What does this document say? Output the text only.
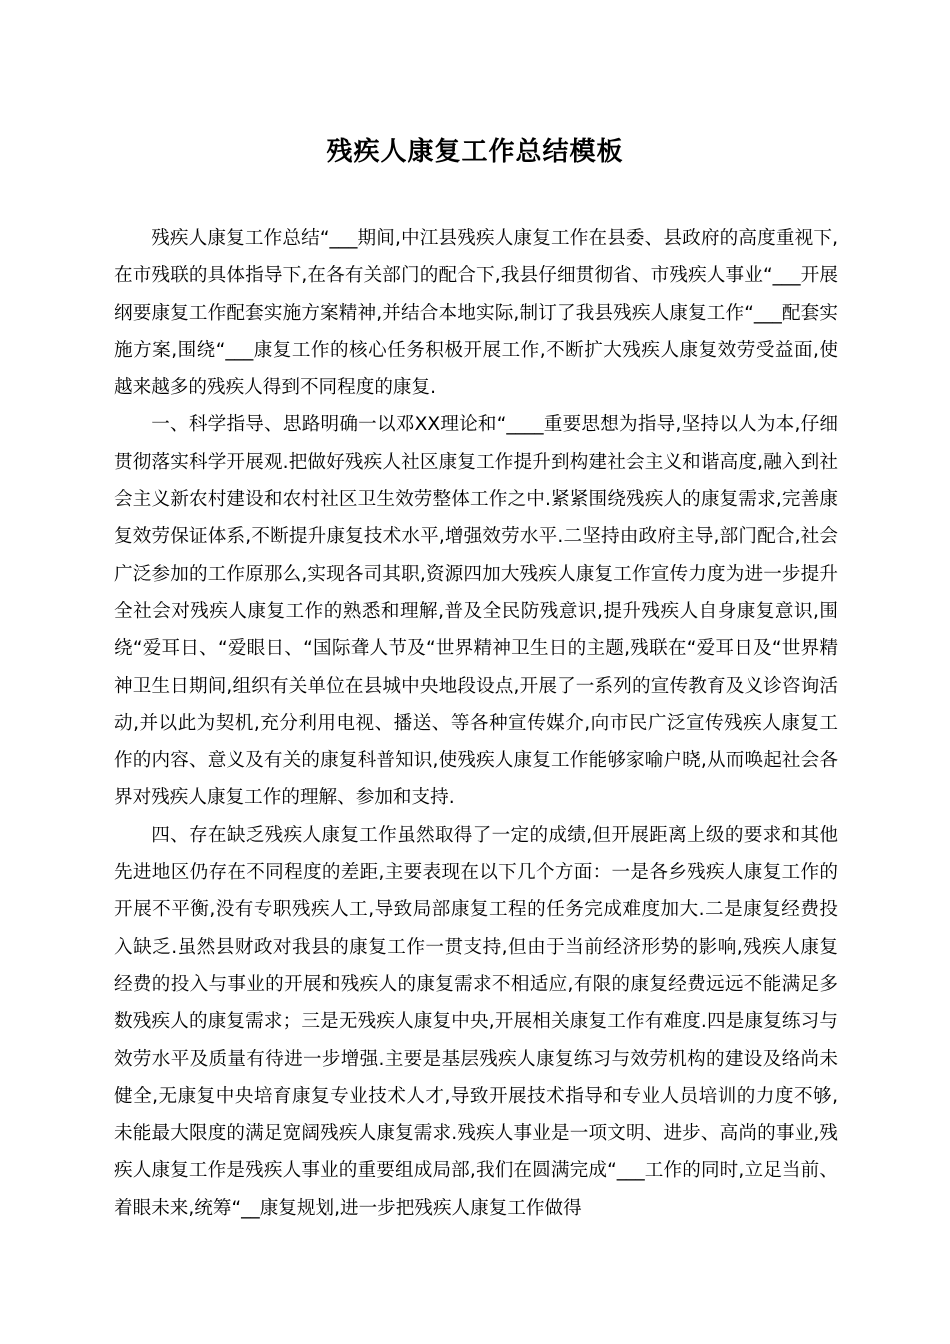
残疾人康复工作总结模板

残疾人康复工作总结“___期间,中江县残疾人康复工作在县委、县政府的高度重视下,在市残联的具体指导下,在各有关部门的配合下,我县仔细贯彻省、市残疾人事业“___开展纲要康复工作配套实施方案精神,并结合本地实际,制订了我县残疾人康复工作“___配套实施方案,围绕“___康复工作的核心任务积极开展工作,不断扩大残疾人康复效劳受益面,使越来越多的残疾人得到不同程度的康复.

一、科学指导、思路明确一以邓XX理论和“____重要思想为指导,坚持以人为本,仔细贯彻落实科学开展观.把做好残疾人社区康复工作提升到构建社会主义和谐高度,融入到社会主义新农村建设和农村社区卫生效劳整体工作之中.紧紧围绕残疾人的康复需求,完善康复效劳保证体系,不断提升康复技术水平,增强效劳水平.二坚持由政府主导,部门配合,社会广泛参加的工作原那么,实现各司其职,资源四加大残疾人康复工作宣传力度为进一步提升全社会对残疾人康复工作的熟悉和理解,普及全民防残意识,提升残疾人自身康复意识,围绕“爱耳日、“爱眼日、“国际聋人节及“世界精神卫生日的主题,残联在“爱耳日及“世界精神卫生日期间,组织有关单位在县城中央地段设点,开展了一系列的宣传教育及义诊咨询活动,并以此为契机,充分利用电视、播送、等各种宣传媒介,向市民广泛宣传残疾人康复工作的内容、意义及有关的康复科普知识,使残疾人康复工作能够家喻户晓,从而唤起社会各界对残疾人康复工作的理解、参加和支持.

四、存在缺乏残疾人康复工作虽然取得了一定的成绩,但开展距离上级的要求和其他先进地区仍存在不同程度的差距,主要表现在以下几个方面：一是各乡残疾人康复工作的开展不平衡,没有专职残疾人工,导致局部康复工程的任务完成难度加大.二是康复经费投入缺乏.虽然县财政对我县的康复工作一贯支持,但由于当前经济形势的影响,残疾人康复经费的投入与事业的开展和残疾人的康复需求不相适应,有限的康复经费远远不能满足多数残疾人的康复需求；三是无残疾人康复中央,开展相关康复工作有难度.四是康复练习与效劳水平及质量有待进一步增强.主要是基层残疾人康复练习与效劳机构的建设及络尚未健全,无康复中央培育康复专业技术人才,导致开展技术指导和专业人员培训的力度不够,未能最大限度的满足宽阔残疾人康复需求.残疾人事业是一项文明、进步、高尚的事业,残疾人康复工作是残疾人事业的重要组成局部,我们在圆满完成“___工作的同时,立足当前、着眼未来,统筹“__康复规划,进一步把残疾人康复工作做得
